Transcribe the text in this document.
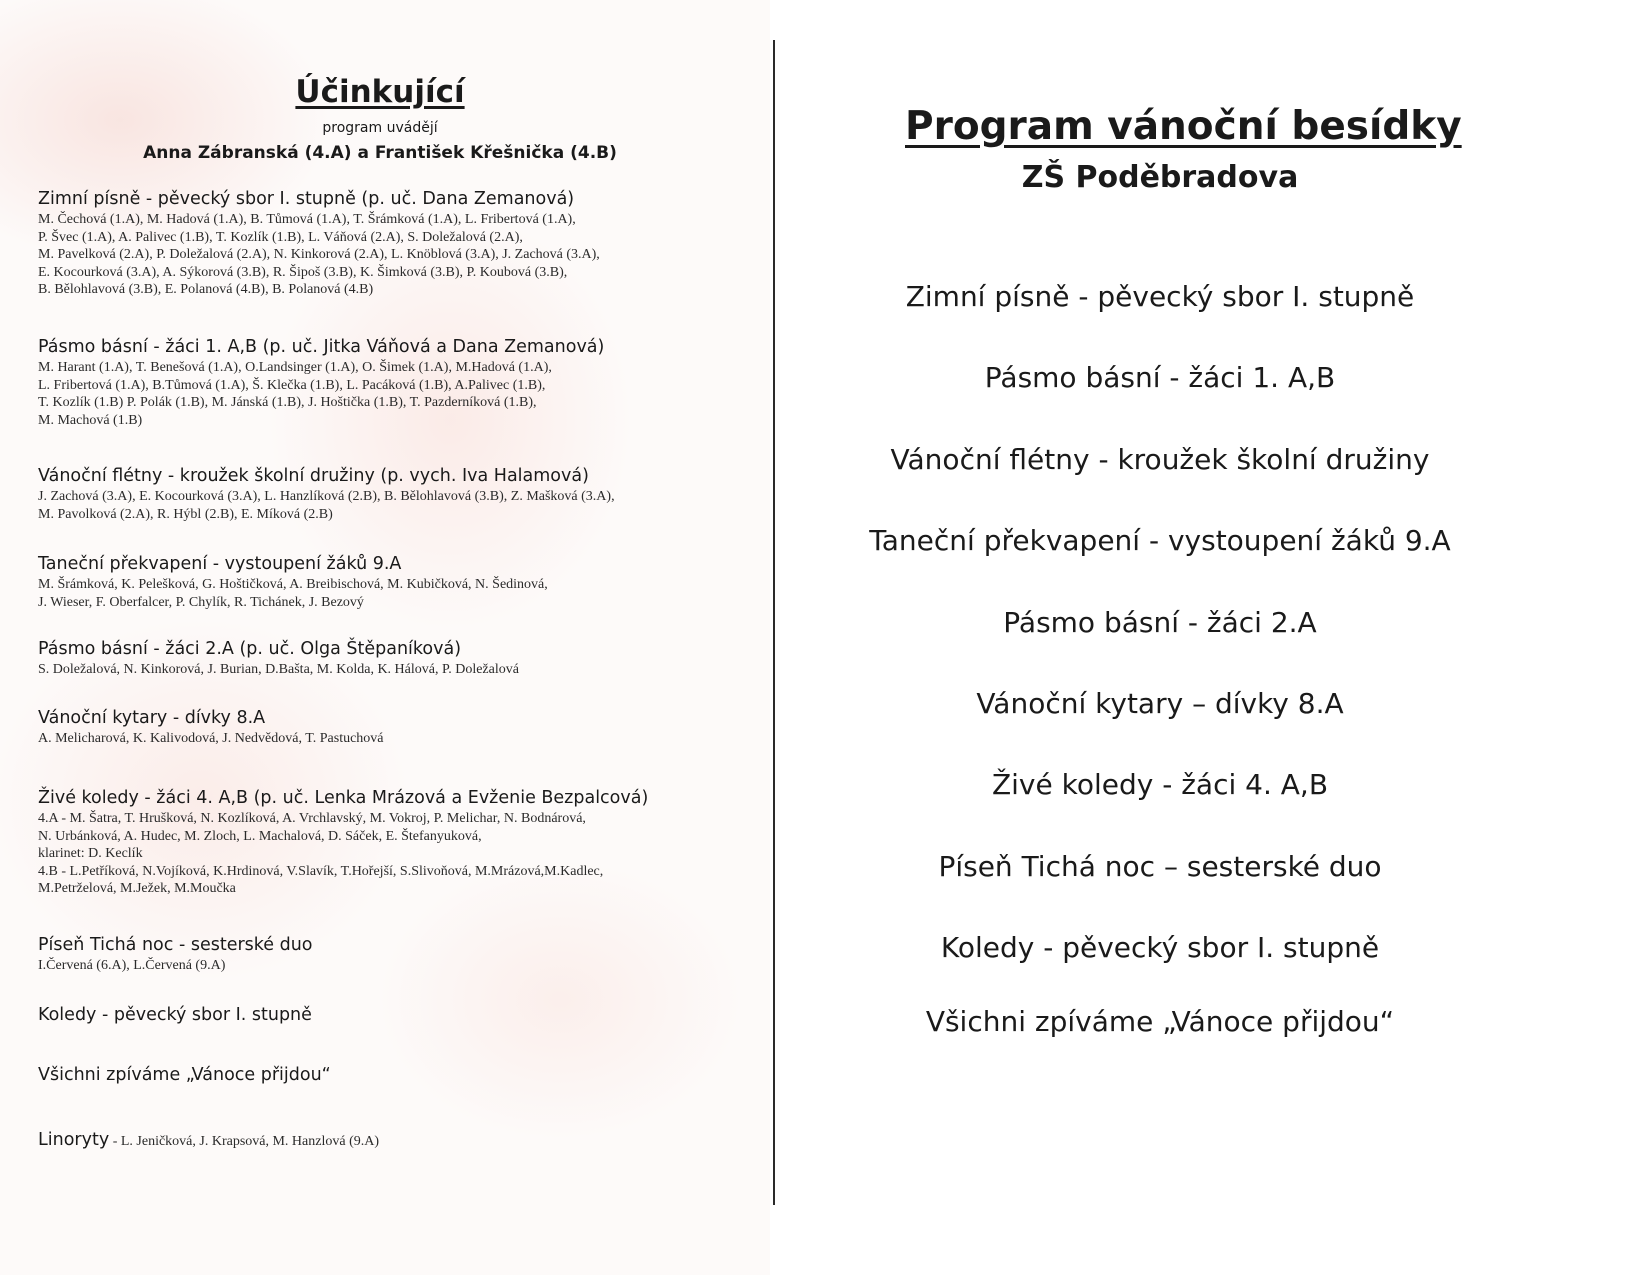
Účinkující

program uvádějí

Anna Zábranská (4.A) a František Křešnička (4.B)

Zimní písně - pěvecký sbor I. stupně (p. uč. Dana Zemanová)

M. Čechová (1.A), M. Hadová (1.A), B. Tůmová (1.A), T. Šrámková (1.A), L. Fribertová (1.A),
P. Švec (1.A), A. Palivec (1.B), T. Kozlík (1.B), L. Váňová (2.A), S. Doležalová (2.A),
M. Pavelková (2.A), P. Doležalová (2.A), N. Kinkorová (2.A), L. Knöblová (3.A), J. Zachová (3.A),
E. Kocourková (3.A), A. Sýkorová (3.B), R. Šipoš (3.B), K. Šimková (3.B), P. Koubová (3.B),
B. Bělohlavová (3.B), E. Polanová (4.B), B. Polanová (4.B)

Pásmo básní - žáci 1. A,B (p. uč. Jitka Váňová a Dana Zemanová)

M. Harant (1.A), T. Benešová (1.A), O.Landsinger (1.A), O. Šimek (1.A), M.Hadová (1.A),
L. Fribertová (1.A), B.Tůmová (1.A), Š. Klečka (1.B), L. Pacáková (1.B), A.Palivec (1.B),
T. Kozlík (1.B) P. Polák (1.B), M. Jánská (1.B), J. Hoštička (1.B), T. Pazderníková (1.B),
M. Machová (1.B)

Vánoční flétny - kroužek školní družiny (p. vych. Iva Halamová)

J. Zachová (3.A), E. Kocourková (3.A), L. Hanzlíková (2.B), B. Bělohlavová (3.B), Z. Mašková (3.A),
M. Pavolková (2.A), R. Hýbl (2.B), E. Míková (2.B)

Taneční překvapení - vystoupení žáků 9.A

M. Šrámková, K. Pelešková, G. Hoštičková, A. Breibischová, M. Kubičková, N. Šedinová,
J. Wieser, F. Oberfalcer, P. Chylík, R. Tichánek, J. Bezový

Pásmo básní - žáci 2.A (p. uč. Olga Štěpaníková)

S. Doležalová, N. Kinkorová, J. Burian, D.Bašta, M. Kolda, K. Hálová, P. Doležalová

Vánoční kytary - dívky 8.A

A. Melicharová, K. Kalivodová, J. Nedvědová, T. Pastuchová

Živé koledy - žáci 4. A,B (p. uč. Lenka Mrázová a Evženie Bezpalcová)

4.A - M. Šatra, T. Hrušková, N. Kozlíková, A. Vrchlavský, M. Vokroj, P. Melichar, N. Bodnárová,
N. Urbánková, A. Hudec, M. Zloch, L. Machalová, D. Sáček, E. Štefanyuková,
klarinet: D. Keclík
4.B - L.Petříková, N.Vojíková, K.Hrdinová, V.Slavík, T.Hořejší, S.Slivoňová, M.Mrázová,M.Kadlec,
M.Petrželová, M.Ježek, M.Moučka

Píseň Tichá noc - sesterské duo

I.Červená (6.A), L.Červená (9.A)

Koledy - pěvecký sbor I. stupně

Všichni zpíváme „Vánoce přijdou“

Linoryty - L. Jeničková, J. Krapsová, M. Hanzlová (9.A)

Program vánoční besídky

ZŠ Poděbradova

Zimní písně - pěvecký sbor I. stupně
Pásmo básní - žáci 1. A,B
Vánoční flétny - kroužek školní družiny
Taneční překvapení - vystoupení žáků 9.A
Pásmo básní - žáci 2.A
Vánoční kytary – dívky 8.A
Živé koledy - žáci 4. A,B
Píseň Tichá noc – sesterské duo
Koledy - pěvecký sbor I. stupně
Všichni zpíváme „Vánoce přijdou“
